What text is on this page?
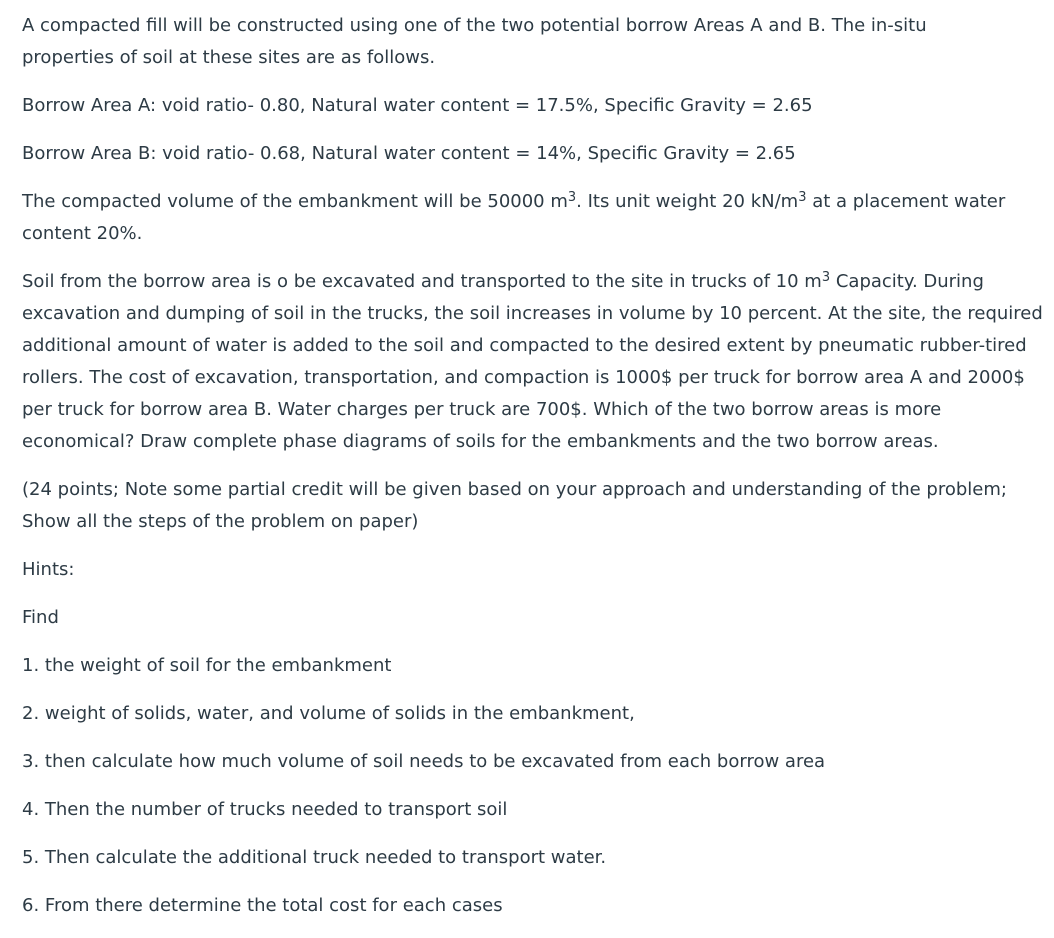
A compacted fill will be constructed using one of the two potential borrow Areas A and B. The in-situ properties of soil at these sites are as follows.

Borrow Area A: void ratio- 0.80, Natural water content = 17.5%, Specific Gravity = 2.65

Borrow Area B: void ratio- 0.68, Natural water content = 14%, Specific Gravity = 2.65

The compacted volume of the embankment will be 50000 $m^3$. Its unit weight 20 $kN/m^3$ at a placement water content 20%.

Soil from the borrow area is o be excavated and transported to the site in trucks of 10 $m^3$ Capacity. During excavation and dumping of soil in the trucks, the soil increases in volume by 10 percent. At the site, the required additional amount of water is added to the soil and compacted to the desired extent by pneumatic rubber-tired rollers. The cost of excavation, transportation, and compaction is 1000$ per truck for borrow area A and 2000$ per truck for borrow area B. Water charges per truck are 700$. Which of the two borrow areas is more economical? Draw complete phase diagrams of soils for the embankments and the two borrow areas.

(24 points; Note some partial credit will be given based on your approach and understanding of the problem; Show all the steps of the problem on paper)

Hints:

Find

1. the weight of soil for the embankment

2. weight of solids, water, and volume of solids in the embankment,

3. then calculate how much volume of soil needs to be excavated from each borrow area

4. Then the number of trucks needed to transport soil

5. Then calculate the additional truck needed to transport water.

6. From there determine the total cost for each cases
